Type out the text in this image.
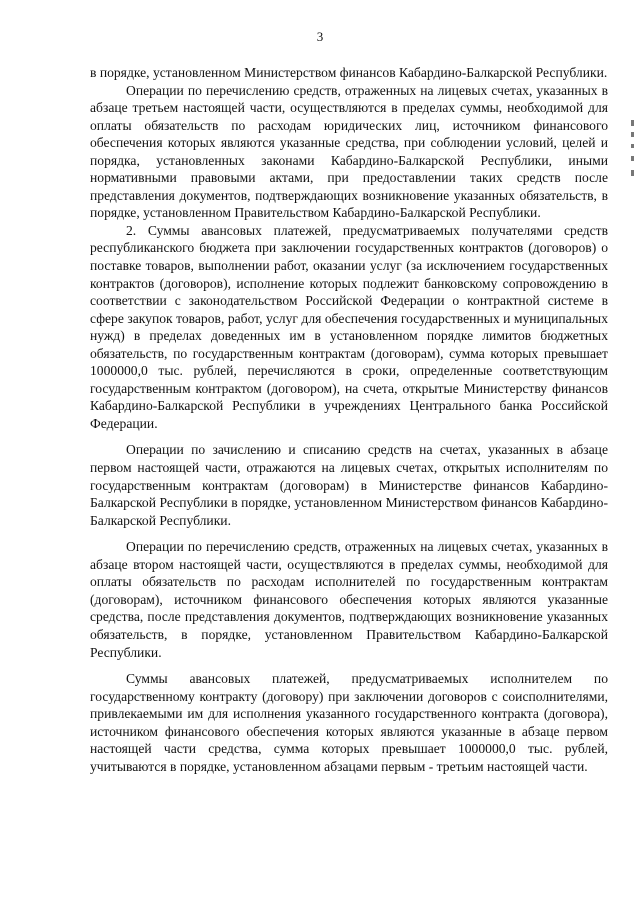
3

в порядке, установленном Министерством финансов Кабардино-Балкарской Республики.

Операции по перечислению средств, отраженных на лицевых счетах, указанных в абзаце третьем настоящей части, осуществляются в пределах суммы, необходимой для оплаты обязательств по расходам юридических лиц, источником финансового обеспечения которых являются указанные средства, при соблюдении условий, целей и порядка, установленных законами Кабардино-Балкарской Республики, иными нормативными правовыми актами, при предоставлении таких средств после представления документов, подтверждающих возникновение указанных обязательств, в порядке, установленном Правительством Кабардино-Балкарской Республики.

2. Суммы авансовых платежей, предусматриваемых получателями средств республиканского бюджета при заключении государственных контрактов (договоров) о поставке товаров, выполнении работ, оказании услуг (за исключением государственных контрактов (договоров), исполнение которых подлежит банковскому сопровождению в соответствии с законодательством Российской Федерации о контрактной системе в сфере закупок товаров, работ, услуг для обеспечения государственных и муниципальных нужд) в пределах доведенных им в установленном порядке лимитов бюджетных обязательств, по государственным контрактам (договорам), сумма которых превышает 1000000,0 тыс. рублей, перечисляются в сроки, определенные соответствующим государственным контрактом (договором), на счета, открытые Министерству финансов Кабардино-Балкарской Республики в учреждениях Центрального банка Российской Федерации.

Операции по зачислению и списанию средств на счетах, указанных в абзаце первом настоящей части, отражаются на лицевых счетах, открытых исполнителям по государственным контрактам (договорам) в Министерстве финансов Кабардино-Балкарской Республики в порядке, установленном Министерством финансов Кабардино-Балкарской Республики.

Операции по перечислению средств, отраженных на лицевых счетах, указанных в абзаце втором настоящей части, осуществляются в пределах суммы, необходимой для оплаты обязательств по расходам исполнителей по государственным контрактам (договорам), источником финансового обеспечения которых являются указанные средства, после представления документов, подтверждающих возникновение указанных обязательств, в порядке, установленном Правительством Кабардино-Балкарской Республики.

Суммы авансовых платежей, предусматриваемых исполнителем по государственному контракту (договору) при заключении договоров с соисполнителями, привлекаемыми им для исполнения указанного государственного контракта (договора), источником финансового обеспечения которых являются указанные в абзаце первом настоящей части средства, сумма которых превышает 1000000,0 тыс. рублей, учитываются в порядке, установленном абзацами первым - третьим настоящей части.
